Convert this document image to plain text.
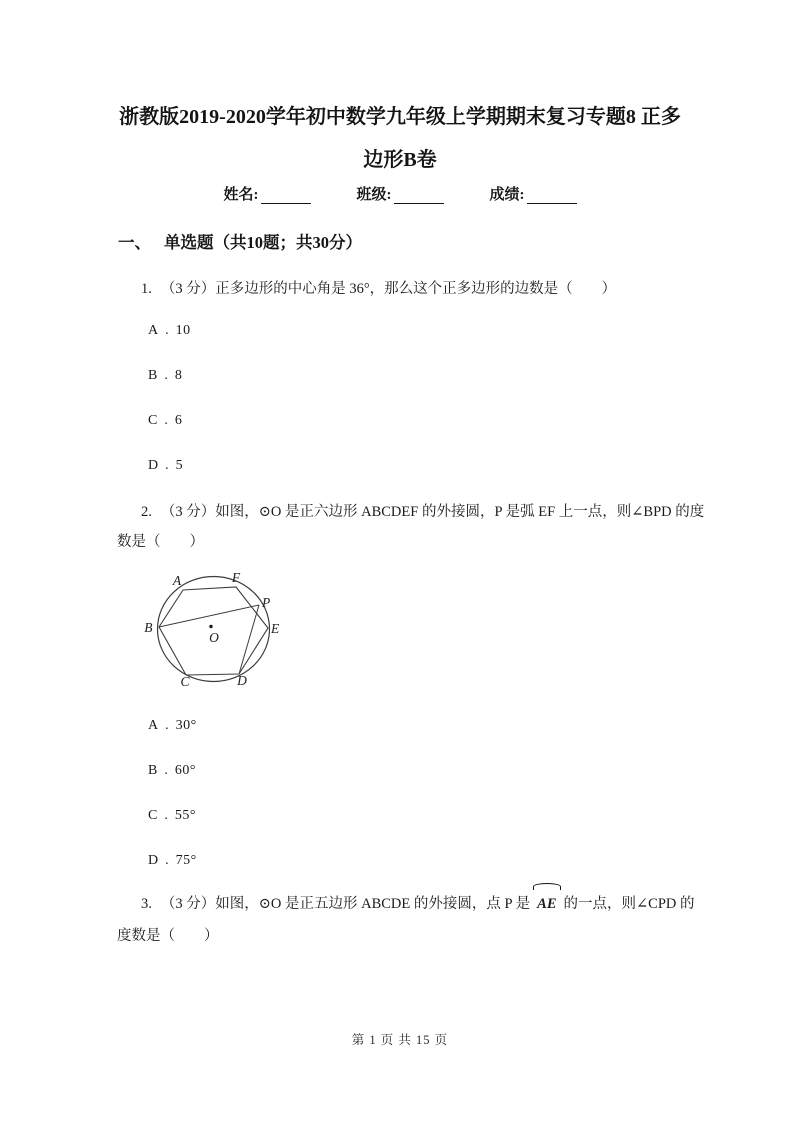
浙教版2019-2020学年初中数学九年级上学期期末复习专题8 正多
边形B卷
姓名:	班级:	成绩:
一、 单选题（共10题；共30分）
1. （3 分）正多边形的中心角是 36°，那么这个正多边形的边数是（　　）
A . 10
B . 8
C . 6
D . 5
2. （3 分）如图，⊙O 是正六边形 ABCDEF 的外接圆，P 是弧 EF 上一点，则∠BPD 的度
数是（　　）
A	F
P
B	E
O
C	D
A . 30°
B . 60°
C . 55°
D . 75°
3. （3 分）如图，⊙O 是正五边形 ABCDE 的外接圆，点 P 是 AE 的一点，则∠CPD 的
度数是（　　）
第 1 页 共 15 页
